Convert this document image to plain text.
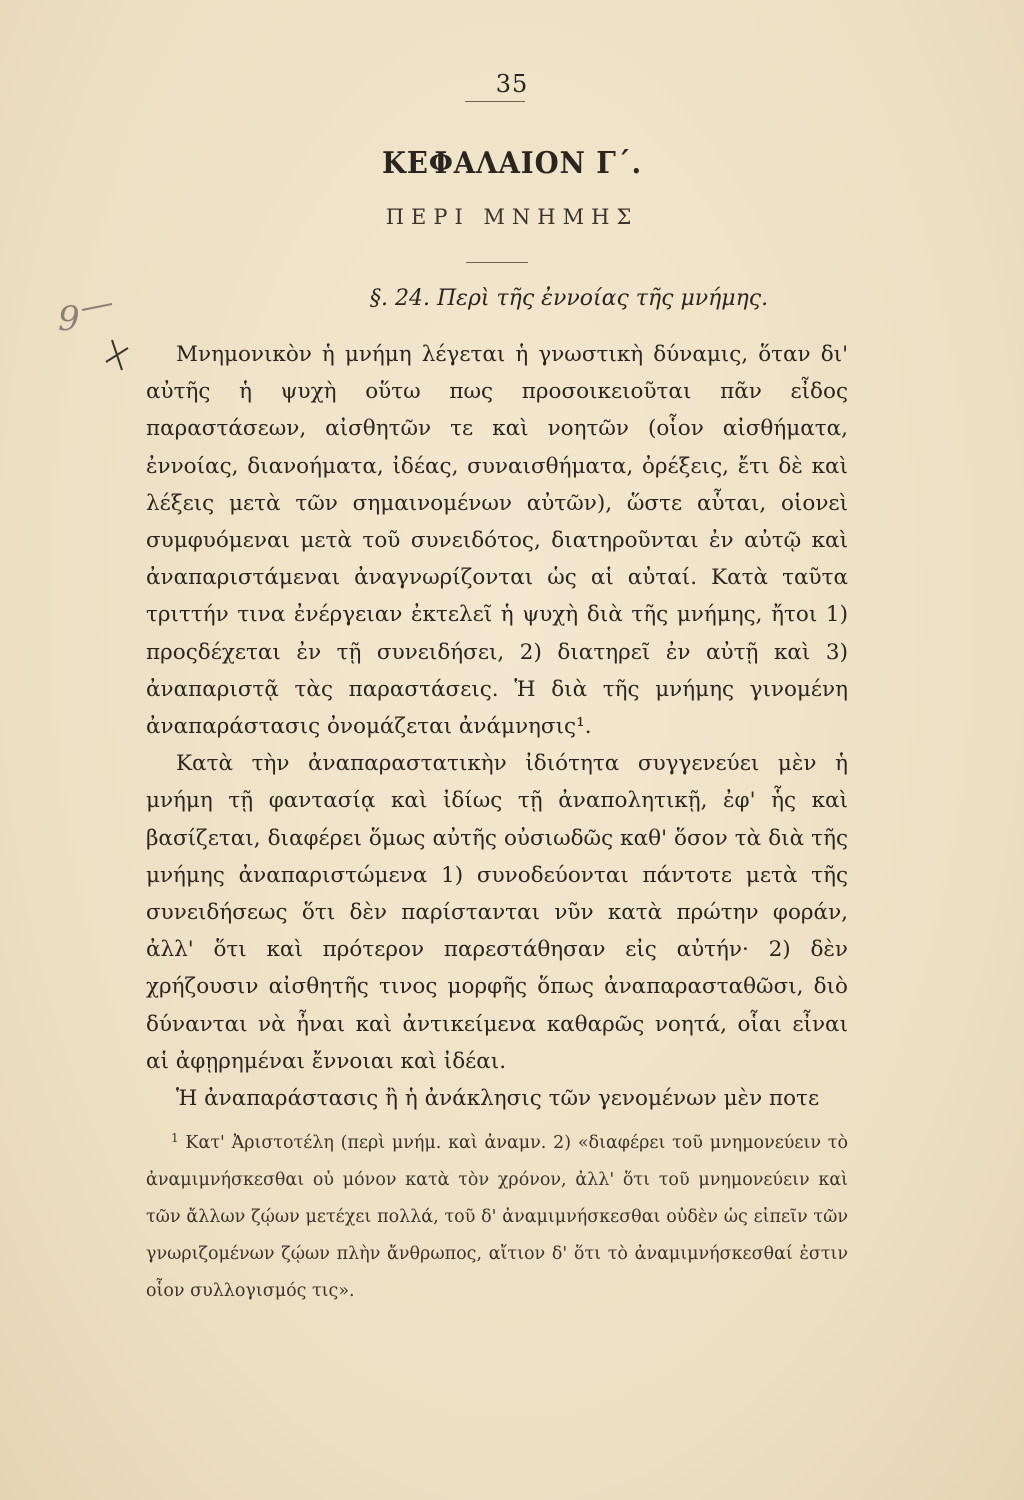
35
ΚΕΦΑΛΑΙΟΝ Γ΄.
ΠΕΡΙ ΜΝΗΜΗΣ
9
§. 24. Περὶ τῆς ἐννοίας τῆς μνήμης.

Μνημονικὸν ἡ μνήμη λέγεται ἡ γνωστικὴ δύναμις, ὅταν δι' αὐτῆς ἡ ψυχὴ οὕτω πως προσοικειοῦται πᾶν εἶδος παραστάσεων, αἰσθητῶν τε καὶ νοητῶν (οἷον αἰσθήματα, ἐννοίας, διανοήματα, ἰδέας, συναισθήματα, ὀρέξεις, ἔτι δὲ καὶ λέξεις μετὰ τῶν σημαινομένων αὐτῶν), ὥστε αὗται, οἱονεὶ συμφυόμεναι μετὰ τοῦ συνειδότος, διατηροῦνται ἐν αὐτῷ καὶ ἀναπαριστάμεναι ἀναγνωρίζονται ὡς αἱ αὐταί. Κατὰ ταῦτα τριττήν τινα ἐνέργειαν ἐκτελεῖ ἡ ψυχὴ διὰ τῆς μνήμης, ἤτοι 1) προςδέχεται ἐν τῇ συνειδήσει, 2) διατηρεῖ ἐν αὐτῇ καὶ 3) ἀναπαριστᾷ τὰς παραστάσεις. Ἡ διὰ τῆς μνήμης γινομένη ἀναπαράστασις ὀνομάζεται ἀνάμνησις¹.

Κατὰ τὴν ἀναπαραστατικὴν ἰδιότητα συγγενεύει μὲν ἡ μνήμη τῇ φαντασίᾳ καὶ ἰδίως τῇ ἀναπολητικῇ, ἐφ' ἧς καὶ βασίζεται, διαφέρει ὅμως αὐτῆς οὐσιωδῶς καθ' ὅσον τὰ διὰ τῆς μνήμης ἀναπαριστώμενα 1) συνοδεύονται πάντοτε μετὰ τῆς συνειδήσεως ὅτι δὲν παρίστανται νῦν κατὰ πρώτην φοράν, ἀλλ' ὅτι καὶ πρότερον παρεστάθησαν εἰς αὐτήν· 2) δὲν χρήζουσιν αἰσθητῆς τινος μορφῆς ὅπως ἀναπαρασταθῶσι, διὸ δύνανται νὰ ἦναι καὶ ἀντικείμενα καθαρῶς νοητά, οἷαι εἶναι αἱ ἀφῃρημέναι ἔννοιαι καὶ ἰδέαι.

Ἡ ἀναπαράστασις ἢ ἡ ἀνάκλησις τῶν γενομένων μὲν ποτε

$^1$ Κατ' Ἀριστοτέλη (περὶ μνήμ. καὶ ἀναμν. 2) «διαφέρει τοῦ μνημονεύειν τὸ ἀναμιμνήσκεσθαι οὐ μόνον κατὰ τὸν χρόνον, ἀλλ' ὅτι τοῦ μνημονεύειν καὶ τῶν ἄλλων ζῴων μετέχει πολλά, τοῦ δ' ἀναμιμνήσκεσθαι οὐδὲν ὡς εἰπεῖν τῶν γνωριζομένων ζῴων πλὴν ἄνθρωπος, αἴτιον δ' ὅτι τὸ ἀναμιμνήσκεσθαί ἐστιν οἷον συλλογισμός τις».
